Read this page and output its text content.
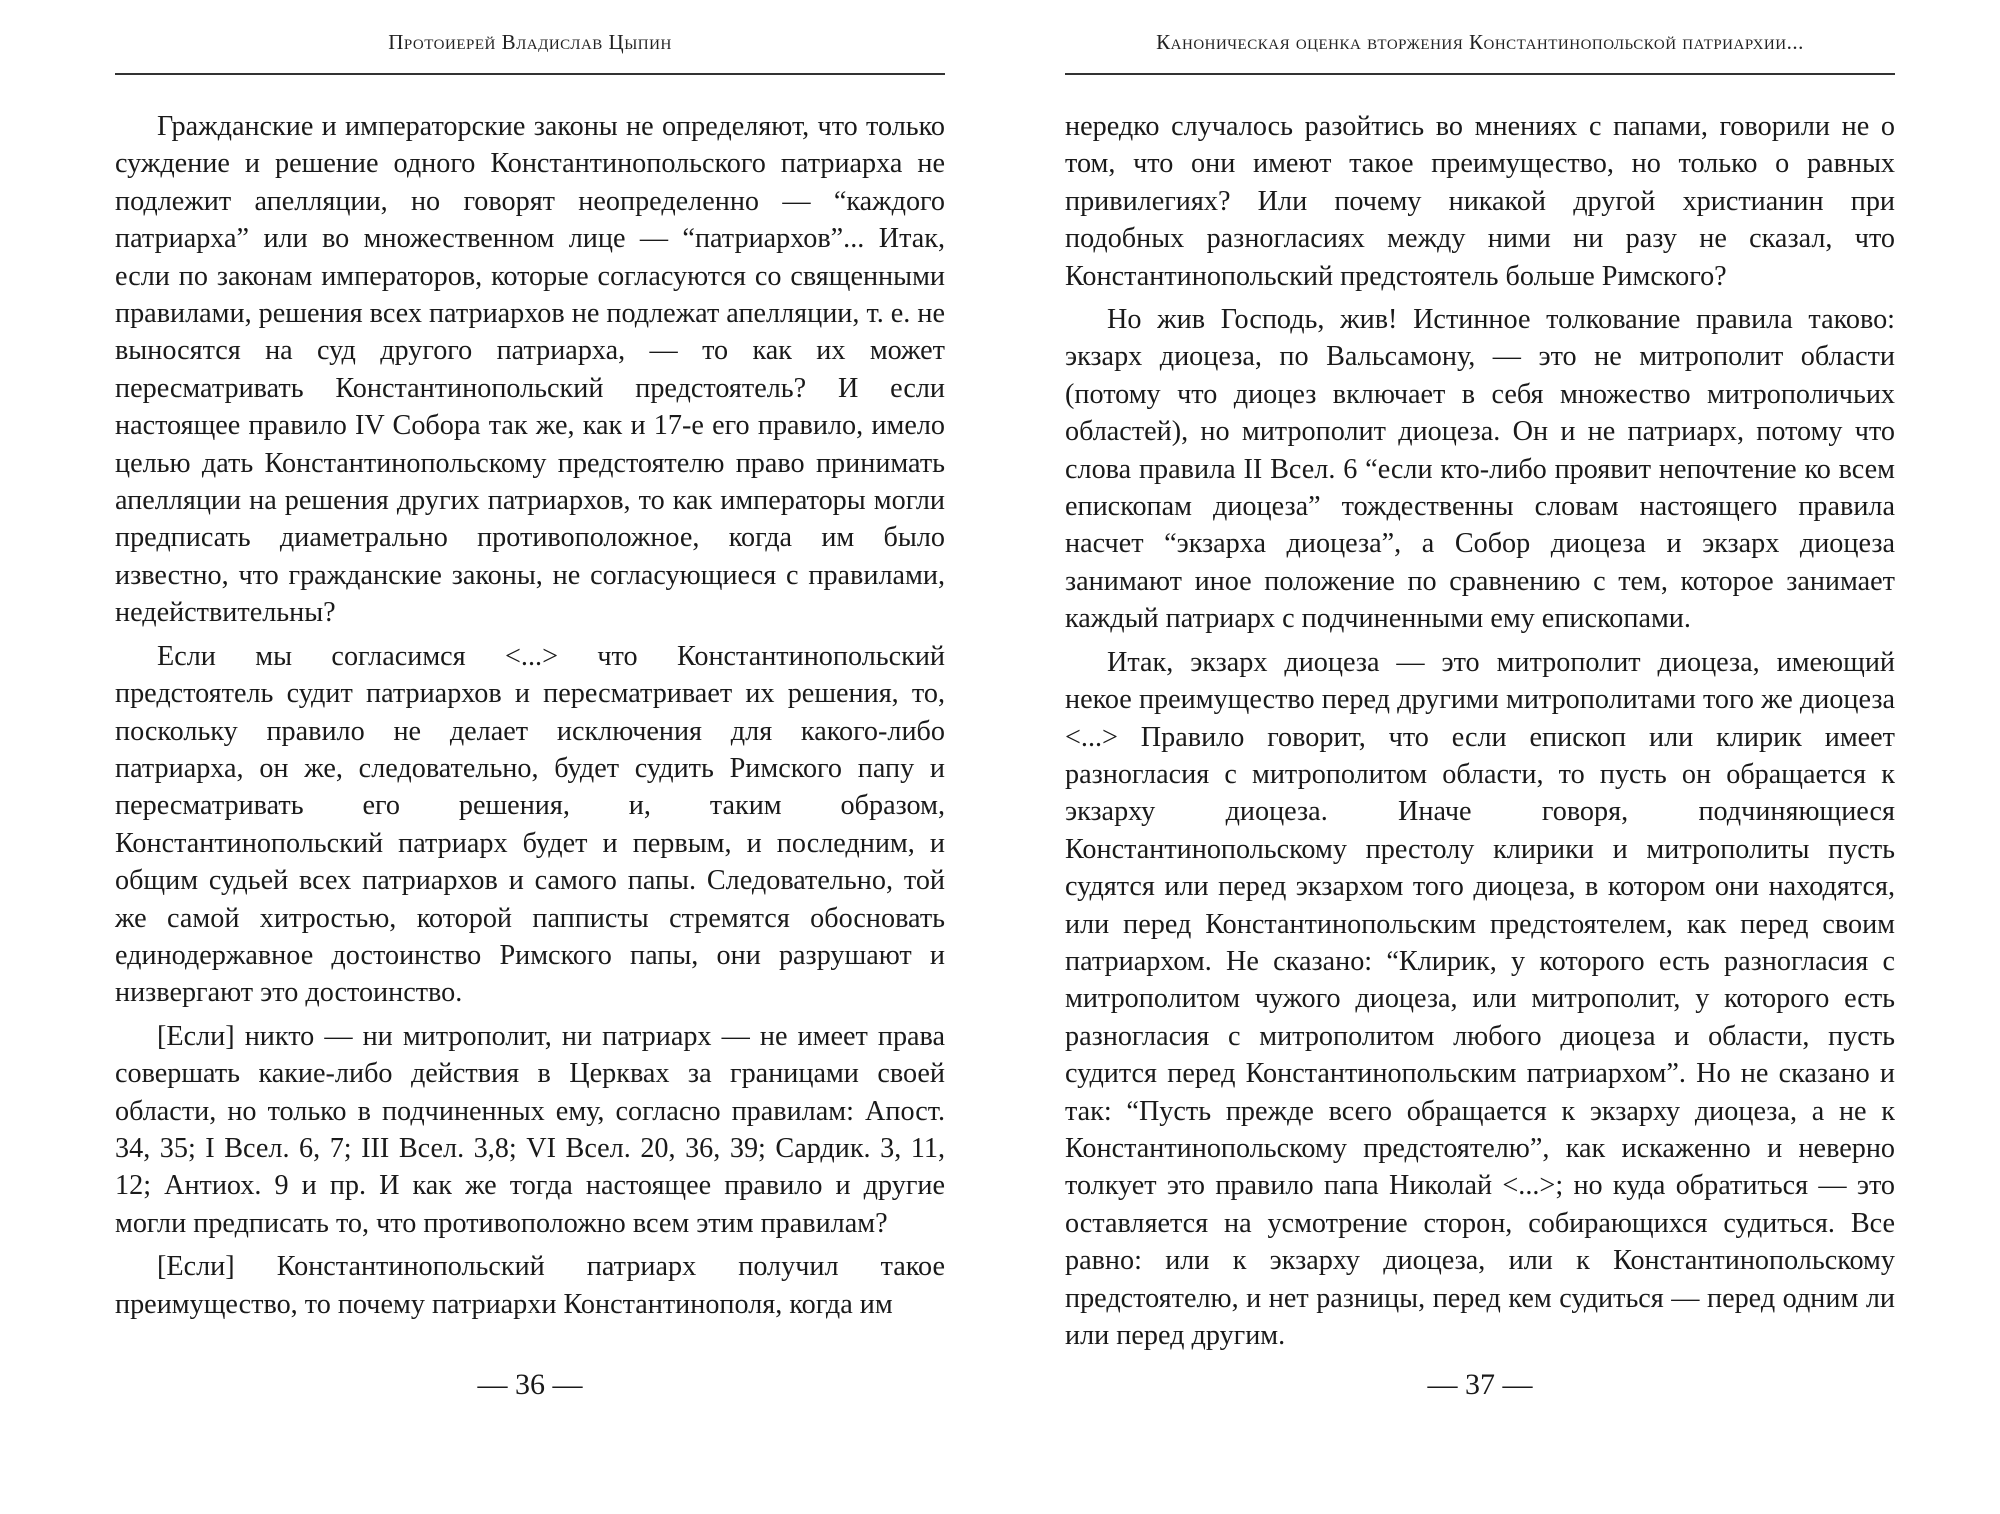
Протоиерей Владислав Цыпин

Гражданские и императорские законы не определяют, что только суждение и решение одного Константинопольского патриарха не подлежит апелляции, но говорят неопределенно — “каждого патриарха” или во множественном лице — “патриархов”... Итак, если по законам императоров, которые согласуются со священными правилами, решения всех патриархов не подлежат апелляции, т. е. не выносятся на суд другого патриарха, — то как их может пересматривать Константинопольский предстоятель? И если настоящее правило IV Собора так же, как и 17-е его правило, имело целью дать Константинопольскому предстоятелю право принимать апелляции на решения других патриархов, то как императоры могли предписать диаметрально противоположное, когда им было известно, что гражданские законы, не согласующиеся с правилами, недействительны?

Если мы согласимся <...> что Константинопольский предстоятель судит патриархов и пересматривает их решения, то, поскольку правило не делает исключения для какого-либо патриарха, он же, следовательно, будет судить Римского папу и пересматривать его решения, и, таким образом, Константинопольский патриарх будет и первым, и последним, и общим судьей всех патриархов и самого папы. Следовательно, той же самой хитростью, которой папписты стремятся обосновать единодержавное достоинство Римского папы, они разрушают и низвергают это достоинство.

[Если] никто — ни митрополит, ни патриарх — не имеет права совершать какие-либо действия в Церквах за границами своей области, но только в подчиненных ему, согласно правилам: Апост. 34, 35; I Всел. 6, 7; III Всел. 3,8; VI Всел. 20, 36, 39; Сардик. 3, 11, 12; Антиох. 9 и пр. И как же тогда настоящее правило и другие могли предписать то, что противоположно всем этим правилам?

[Если] Константинопольский патриарх получил такое преимущество, то почему патриархи Константинополя, когда им

— 36 —
Каноническая оценка вторжения Константинопольской патриархии...

нередко случалось разойтись во мнениях с папами, говорили не о том, что они имеют такое преимущество, но только о равных привилегиях? Или почему никакой другой христианин при подобных разногласиях между ними ни разу не сказал, что Константинопольский предстоятель больше Римского?

Но жив Господь, жив! Истинное толкование правила таково: экзарх диоцеза, по Вальсамону, — это не митрополит области (потому что диоцез включает в себя множество митрополичьих областей), но митрополит диоцеза. Он и не патриарх, потому что слова правила II Всел. 6 “если кто-либо проявит непочтение ко всем епископам диоцеза” тождественны словам настоящего правила насчет “экзарха диоцеза”, а Собор диоцеза и экзарх диоцеза занимают иное положение по сравнению с тем, которое занимает каждый патриарх с подчиненными ему епископами.

Итак, экзарх диоцеза — это митрополит диоцеза, имеющий некое преимущество перед другими митрополитами того же диоцеза <...> Правило говорит, что если епископ или клирик имеет разногласия с митрополитом области, то пусть он обращается к экзарху диоцеза. Иначе говоря, подчиняющиеся Константинопольскому престолу клирики и митрополиты пусть судятся или перед экзархом того диоцеза, в котором они находятся, или перед Константинопольским предстоятелем, как перед своим патриархом. Не сказано: “Клирик, у которого есть разногласия с митрополитом чужого диоцеза, или митрополит, у которого есть разногласия с митрополитом любого диоцеза и области, пусть судится перед Константинопольским патриархом”. Но не сказано и так: “Пусть прежде всего обращается к экзарху диоцеза, а не к Константинопольскому предстоятелю”, как искаженно и неверно толкует это правило папа Николай <...>; но куда обратиться — это оставляется на усмотрение сторон, собирающихся судиться. Все равно: или к экзарху диоцеза, или к Константинопольскому предстоятелю, и нет разницы, перед кем судиться — перед одним ли или перед другим.

— 37 —
